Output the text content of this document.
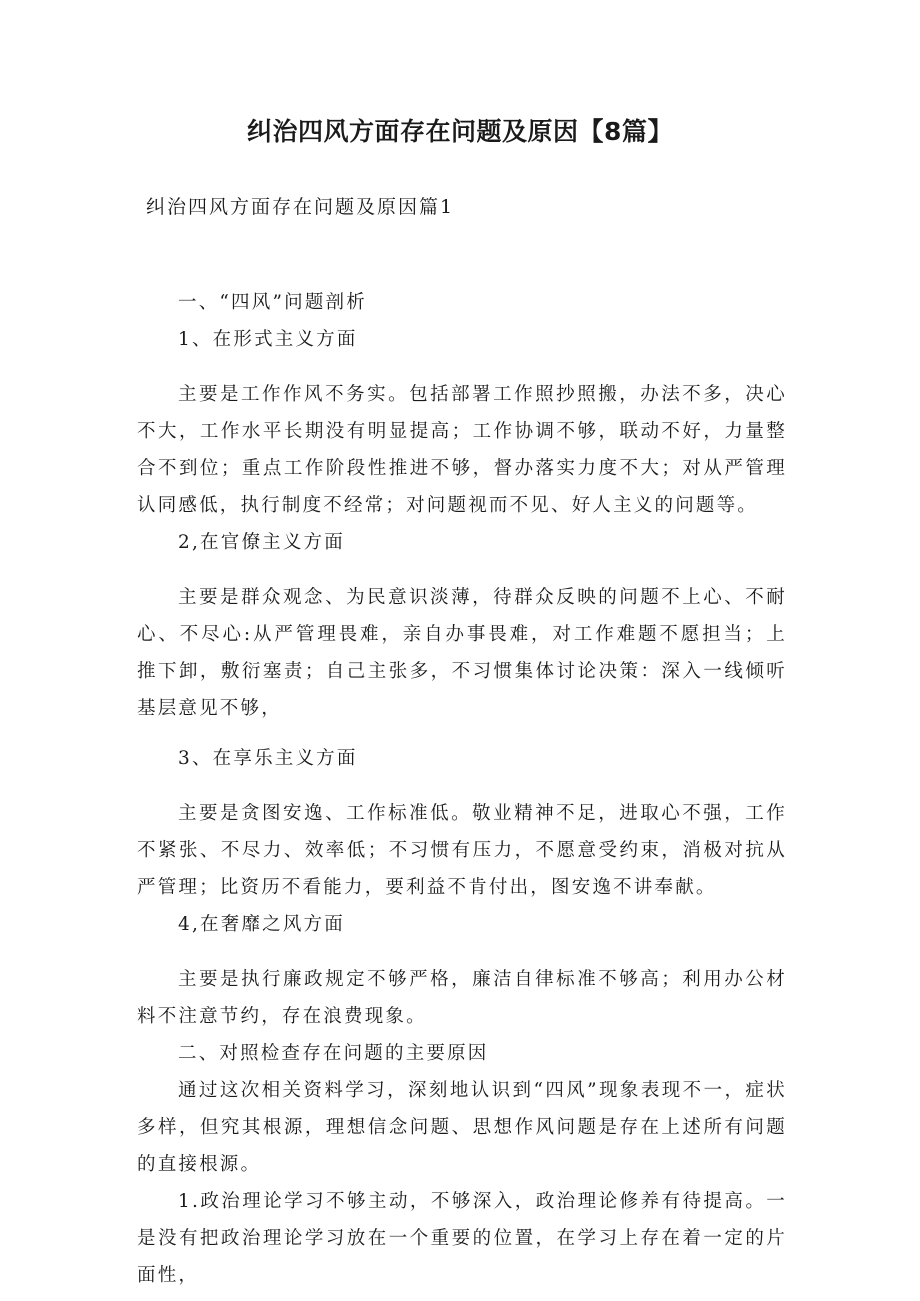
纠治四风方面存在问题及原因【8篇】
纠治四风方面存在问题及原因篇1

一、“四风”问题剖析

1、在形式主义方面

主要是工作作风不务实。包括部署工作照抄照搬，办法不多，决心不大，工作水平长期没有明显提高；工作协调不够，联动不好，力量整合不到位；重点工作阶段性推进不够，督办落实力度不大；对从严管理认同感低，执行制度不经常；对问题视而不见、好人主义的问题等。

2,在官僚主义方面

主要是群众观念、为民意识淡薄，待群众反映的问题不上心、不耐心、不尽心:从严管理畏难，亲自办事畏难，对工作难题不愿担当；上推下卸，敷衍塞责；自己主张多，不习惯集体讨论决策：深入一线倾听基层意见不够，

3、在享乐主义方面

主要是贪图安逸、工作标准低。敬业精神不足，进取心不强，工作不紧张、不尽力、效率低；不习惯有压力，不愿意受约束，消极对抗从严管理；比资历不看能力，要利益不肯付出，图安逸不讲奉献。

4,在奢靡之风方面

主要是执行廉政规定不够严格，廉洁自律标准不够高；利用办公材料不注意节约，存在浪费现象。

二、对照检查存在问题的主要原因

通过这次相关资料学习，深刻地认识到“四风”现象表现不一，症状多样，但究其根源，理想信念问题、思想作风问题是存在上述所有问题的直接根源。

1.政治理论学习不够主动，不够深入，政治理论修养有待提高。一是没有把政治理论学习放在一个重要的位置，在学习上存在着一定的片面性，
